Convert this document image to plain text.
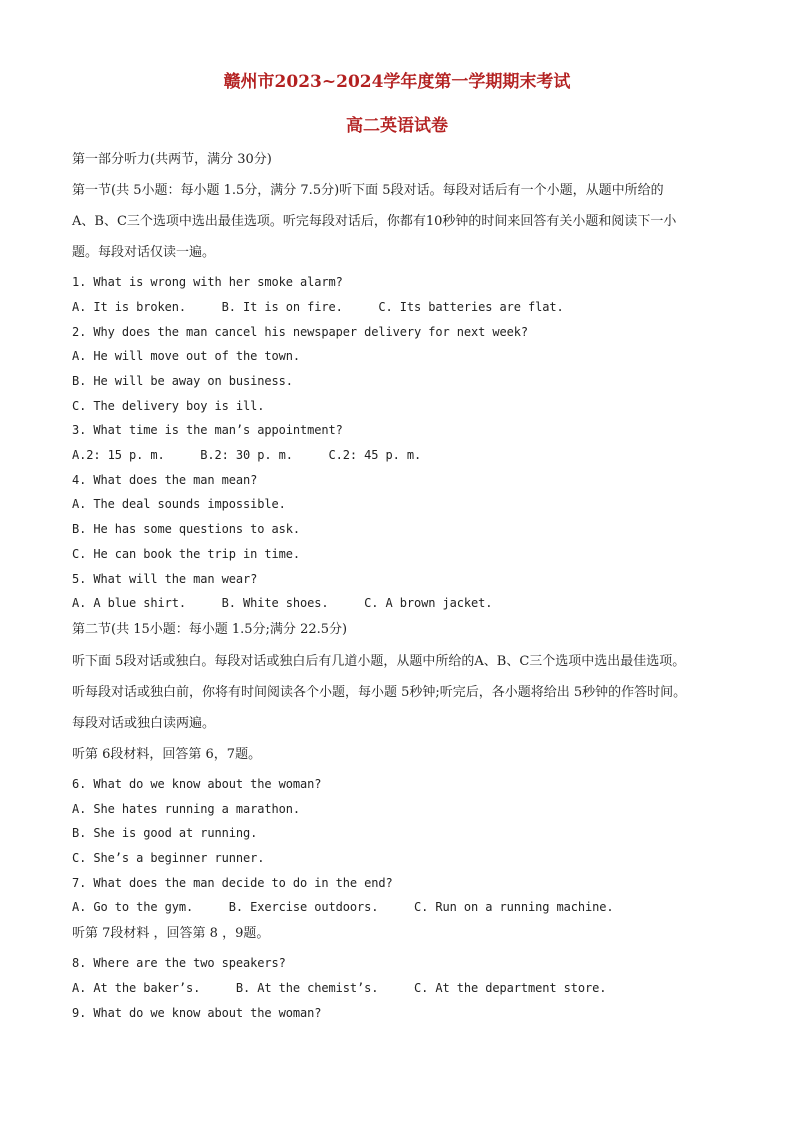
赣州市2023~2024学年度第一学期期末考试
高二英语试卷

第一部分听力(共两节，满分 30分)

第一节(共 5小题：每小题 1.5分，满分 7.5分)听下面 5段对话。每段对话后有一个小题，从题中所给的

A、B、C三个选项中选出最佳选项。听完每段对话后，你都有10秒钟的时间来回答有关小题和阅读下一小

题。每段对话仅读一遍。

1. What is wrong with her smoke alarm?

A. It is broken.     B. It is on fire.     C. Its batteries are flat.

2. Why does the man cancel his newspaper delivery for next week?

A. He will move out of the town.

B. He will be away on business.

C. The delivery boy is ill.

3. What time is the man’s appointment?

A.2: 15 p. m.     B.2: 30 p. m.     C.2: 45 p. m.

4. What does the man mean?

A. The deal sounds impossible.

B. He has some questions to ask.

C. He can book the trip in time.

5. What will the man wear?

A. A blue shirt.     B. White shoes.     C. A brown jacket.

第二节(共 15小题：每小题 1.5分;满分 22.5分)

听下面 5段对话或独白。每段对话或独白后有几道小题，从题中所给的A、B、C三个选项中选出最佳选项。

听每段对话或独白前，你将有时间阅读各个小题，每小题 5秒钟;听完后，各小题将给出 5秒钟的作答时间。

每段对话或独白读两遍。

听第 6段材料，回答第 6，7题。

6. What do we know about the woman?

A. She hates running a marathon.

B. She is good at running.

C. She’s a beginner runner.

7. What does the man decide to do in the end?

A. Go to the gym.     B. Exercise outdoors.     C. Run on a running machine.

听第 7段材料 ，回答第 8 ，9题。

8. Where are the two speakers?

A. At the baker’s.     B. At the chemist’s.     C. At the department store.

9. What do we know about the woman?
